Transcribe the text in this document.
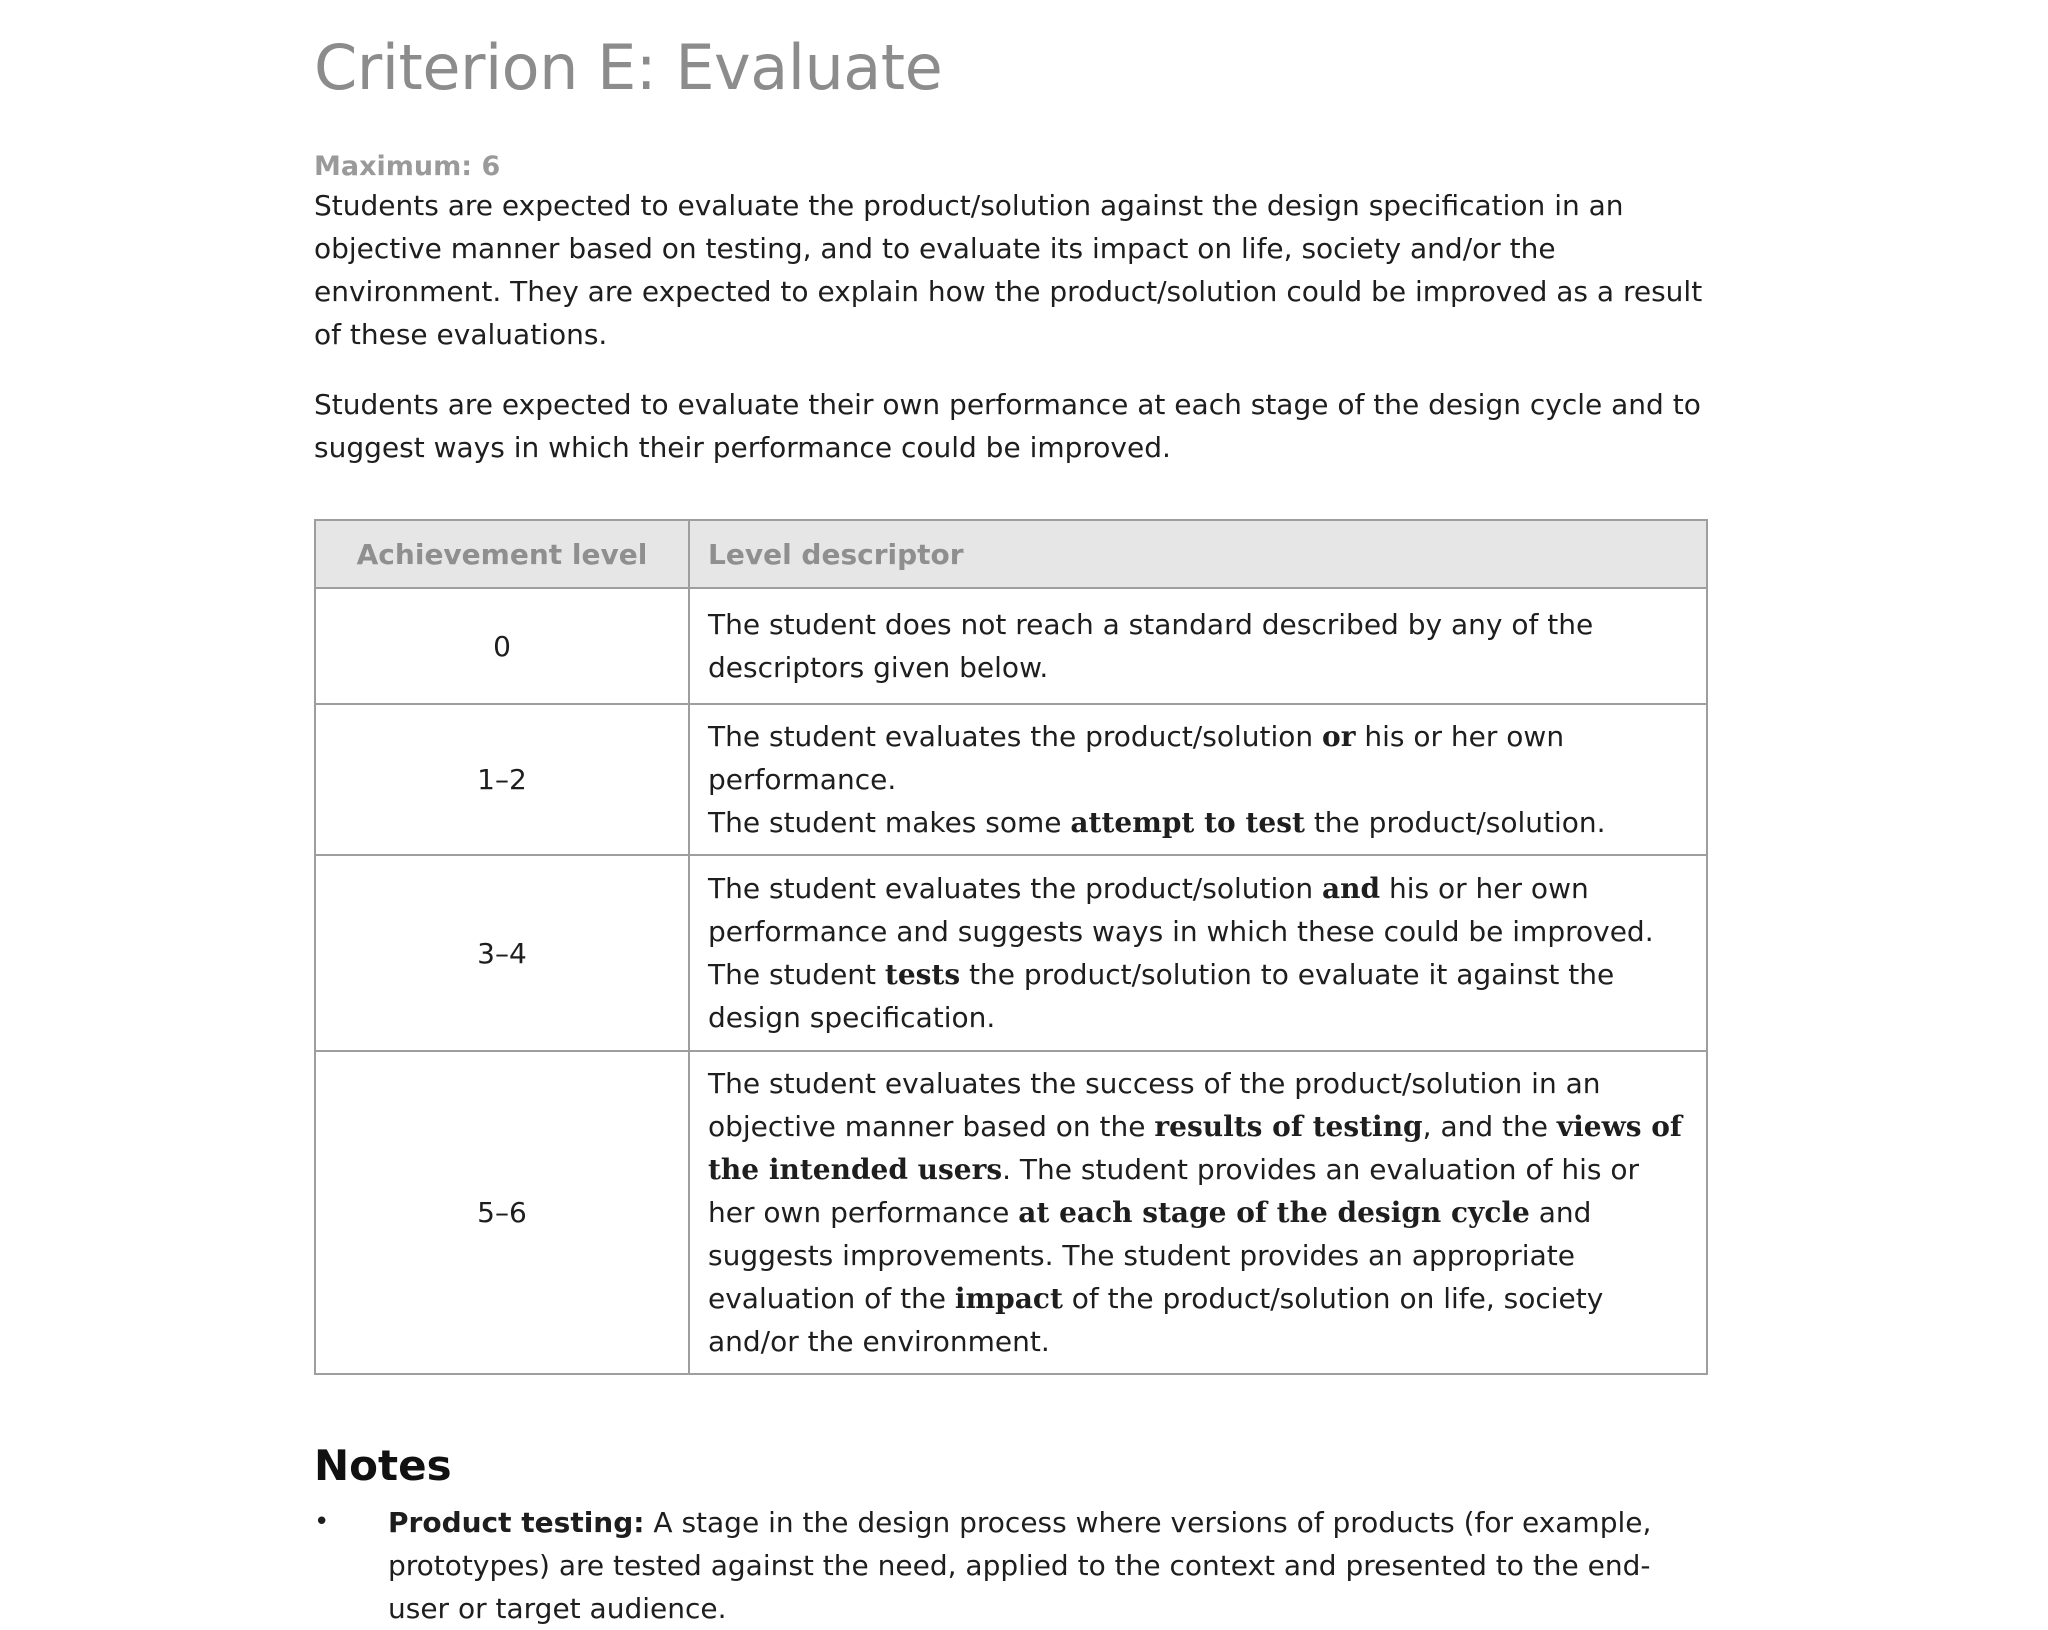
Criterion E: Evaluate
Maximum: 6

Students are expected to evaluate the product/solution against the design specification in an objective manner based on testing, and to evaluate its impact on life, society and/or the environment. They are expected to explain how the product/solution could be improved as a result of these evaluations.

Students are expected to evaluate their own performance at each stage of the design cycle and to suggest ways in which their performance could be improved.

Achievement level	Level descriptor
0	The student does not reach a standard described by any of the descriptors given below.
1–2	The student evaluates the product/solution or his or her own performance.
The student makes some attempt to test the product/solution.

3–4	The student evaluates the product/solution and his or her own performance and suggests ways in which these could be improved.
The student tests the product/solution to evaluate it against the design specification.

5–6	The student evaluates the success of the product/solution in an objective manner based on the results of testing, and the views of the intended users. The student provides an evaluation of his or her own performance at each stage of the design cycle and suggests improvements. The student provides an appropriate evaluation of the impact of the product/solution on life, society and/or the environment.
Notes
• Product testing: A stage in the design process where versions of products (for example, prototypes) are tested against the need, applied to the context and presented to the end-user or target audience.
